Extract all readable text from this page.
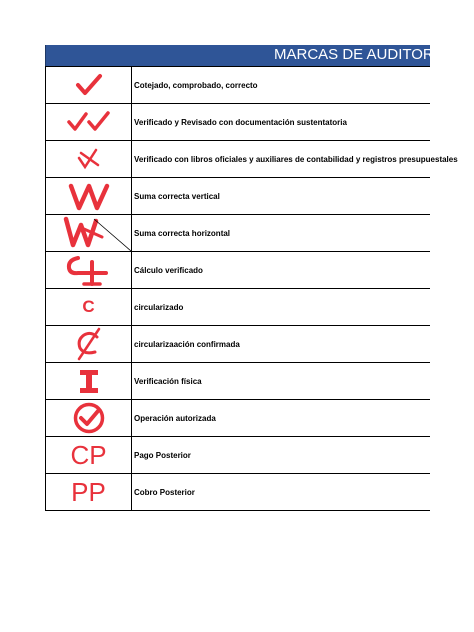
MARCAS DE AUDITORIA
	Cotejado, comprobado, correcto

	Verificado y Revisado con documentación sustentatoria

	Verificado con libros oficiales y auxiliares de contabilidad y registros presupuestales

	Suma correcta vertical

	Suma correcta horizontal

	Cálculo verificado
C	circularizado

	circularizaación confirmada

	Verificación física

	Operación autorizada
CP	Pago Posterior
PP	Cobro Posterior
